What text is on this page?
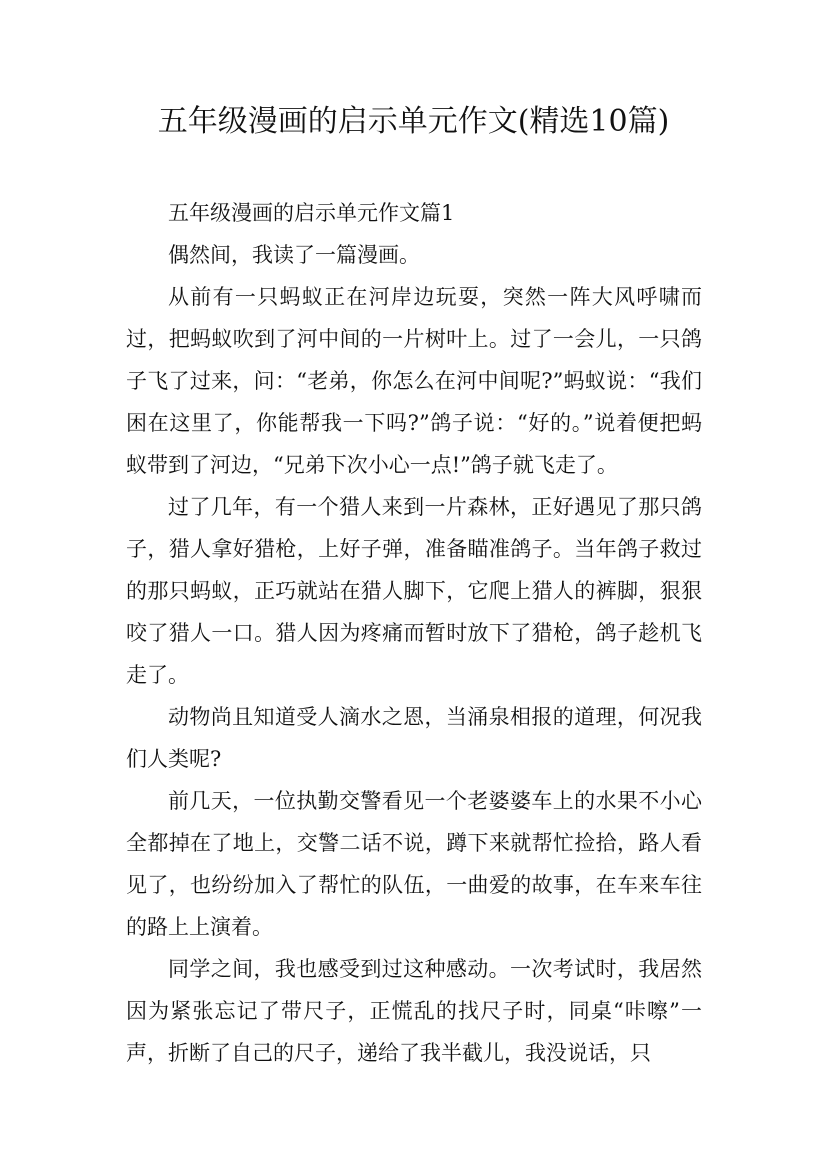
五年级漫画的启示单元作文(精选10篇)

五年级漫画的启示单元作文篇1

偶然间，我读了一篇漫画。

从前有一只蚂蚁正在河岸边玩耍，突然一阵大风呼啸而过，把蚂蚁吹到了河中间的一片树叶上。过了一会儿，一只鸽子飞了过来，问：“老弟，你怎么在河中间呢?”蚂蚁说：“我们困在这里了，你能帮我一下吗?”鸽子说：“好的。”说着便把蚂蚁带到了河边，“兄弟下次小心一点!”鸽子就飞走了。

过了几年，有一个猎人来到一片森林，正好遇见了那只鸽子，猎人拿好猎枪，上好子弹，准备瞄准鸽子。当年鸽子救过的那只蚂蚁，正巧就站在猎人脚下，它爬上猎人的裤脚，狠狠咬了猎人一口。猎人因为疼痛而暂时放下了猎枪，鸽子趁机飞走了。

动物尚且知道受人滴水之恩，当涌泉相报的道理，何况我们人类呢?

前几天，一位执勤交警看见一个老婆婆车上的水果不小心全都掉在了地上，交警二话不说，蹲下来就帮忙捡拾，路人看见了，也纷纷加入了帮忙的队伍，一曲爱的故事，在车来车往的路上上演着。

同学之间，我也感受到过这种感动。一次考试时，我居然因为紧张忘记了带尺子，正慌乱的找尺子时，同桌“咔嚓”一声，折断了自己的尺子，递给了我半截儿，我没说话，只
